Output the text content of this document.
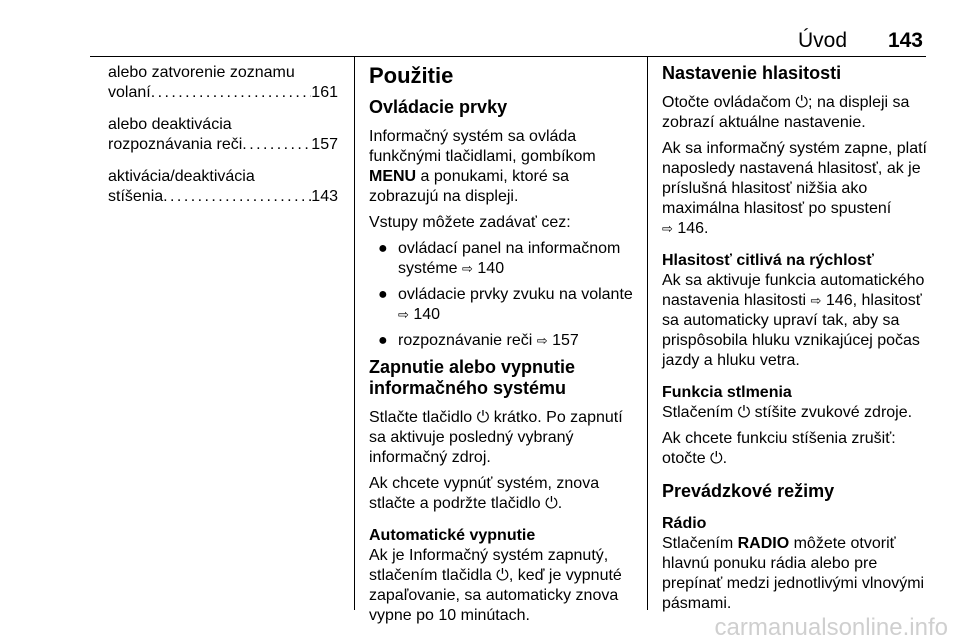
Úvod 143
alebo zatvorenie zoznamu
volaní . . .	161
alebo deaktivácia
rozpoznávania reči . . .	157
aktivácia/deaktivácia
stíšenia . . .	143
Použitie
Ovládacie prvky

Informačný systém sa ovláda funkčnými tlačidlami, gombíkom MENU a ponukami, ktoré sa zobrazujú na displeji.

Vstupy môžete zadávať cez:

● ovládací panel na informačnom systéme ⇨ 140
● ovládacie prvky zvuku na volante ⇨ 140
● rozpoznávanie reči ⇨ 157
Zapnutie alebo vypnutie informačného systému

Stlačte tlačidlo ⏻ krátko. Po zapnutí sa aktivuje posledný vybraný informačný zdroj.

Ak chcete vypnúť systém, znova stlačte a podržte tlačidlo ⏻.

Automatické vypnutie

Ak je Informačný systém zapnutý, stlačením tlačidla ⏻, keď je vypnuté zapaľovanie, sa automaticky znova vypne po 10 minútach.

Nastavenie hlasitosti

Otočte ovládačom ⏻; na displeji sa zobrazí aktuálne nastavenie.

Ak sa informačný systém zapne, platí naposledy nastavená hlasitosť, ak je príslušná hlasitosť nižšia ako maximálna hlasitosť po spustení
⇨ 146.

Hlasitosť citlivá na rýchlosť

Ak sa aktivuje funkcia automatického nastavenia hlasitosti ⇨ 146, hlasitosť sa automaticky upraví tak, aby sa prispôsobila hluku vznikajúcej počas jazdy a hluku vetra.

Funkcia stlmenia

Stlačením ⏻ stíšite zvukové zdroje.

Ak chcete funkciu stíšenia zrušiť: otočte ⏻.

Prevádzkové režimy
Rádio

Stlačením RADIO môžete otvoriť hlavnú ponuku rádia alebo pre prepínať medzi jednotlivými vlnovými pásmami.

carmanualsonline.info
